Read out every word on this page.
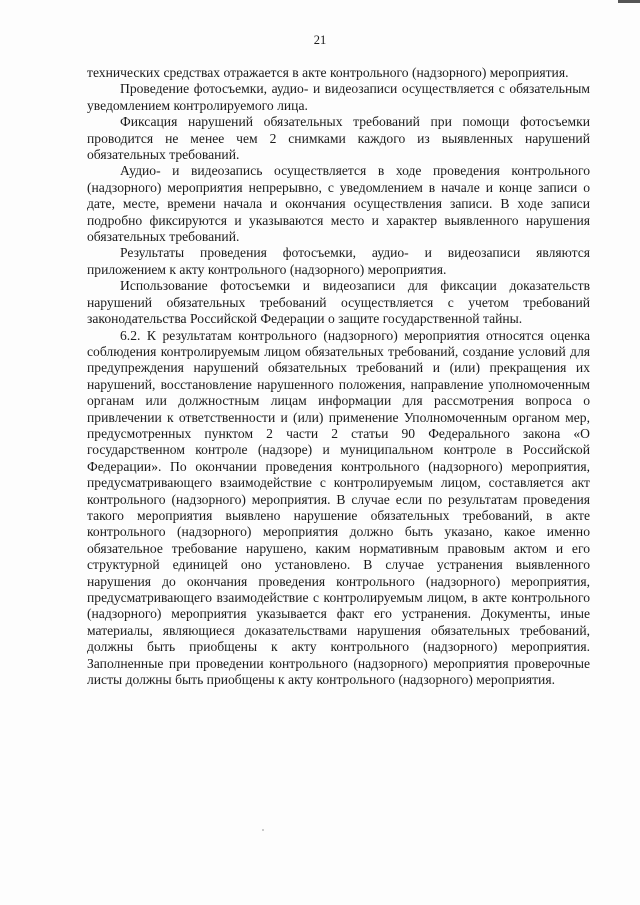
21

технических средствах отражается в акте контрольного (надзорного) мероприятия.

Проведение фотосъемки, аудио- и видеозаписи осуществляется с обязательным уведомлением контролируемого лица.

Фиксация нарушений обязательных требований при помощи фотосъемки проводится не менее чем 2 снимками каждого из выявленных нарушений обязательных требований.

Аудио- и видеозапись осуществляется в ходе проведения контрольного (надзорного) мероприятия непрерывно, с уведомлением в начале и конце записи о дате, месте, времени начала и окончания осуществления записи. В ходе записи подробно фиксируются и указываются место и характер выявленного нарушения обязательных требований.

Результаты проведения фотосъемки, аудио- и видеозаписи являются приложением к акту контрольного (надзорного) мероприятия.

Использование фотосъемки и видеозаписи для фиксации доказательств нарушений обязательных требований осуществляется с учетом требований законодательства Российской Федерации о защите государственной тайны.

6.2. К результатам контрольного (надзорного) мероприятия относятся оценка соблюдения контролируемым лицом обязательных требований, создание условий для предупреждения нарушений обязательных требований и (или) прекращения их нарушений, восстановление нарушенного положения, направление уполномоченным органам или должностным лицам информации для рассмотрения вопроса о привлечении к ответственности и (или) применение Уполномоченным органом мер, предусмотренных пунктом 2 части 2 статьи 90 Федерального закона «О государственном контроле (надзоре) и муниципальном контроле в Российской Федерации». По окончании проведения контрольного (надзорного) мероприятия, предусматривающего взаимодействие с контролируемым лицом, составляется акт контрольного (надзорного) мероприятия. В случае если по результатам проведения такого мероприятия выявлено нарушение обязательных требований, в акте контрольного (надзорного) мероприятия должно быть указано, какое именно обязательное требование нарушено, каким нормативным правовым актом и его структурной единицей оно установлено. В случае устранения выявленного нарушения до окончания проведения контрольного (надзорного) мероприятия, предусматривающего взаимодействие с контролируемым лицом, в акте контрольного (надзорного) мероприятия указывается факт его устранения. Документы, иные материалы, являющиеся доказательствами нарушения обязательных требований, должны быть приобщены к акту контрольного (надзорного) мероприятия. Заполненные при проведении контрольного (надзорного) мероприятия проверочные листы должны быть приобщены к акту контрольного (надзорного) мероприятия.
